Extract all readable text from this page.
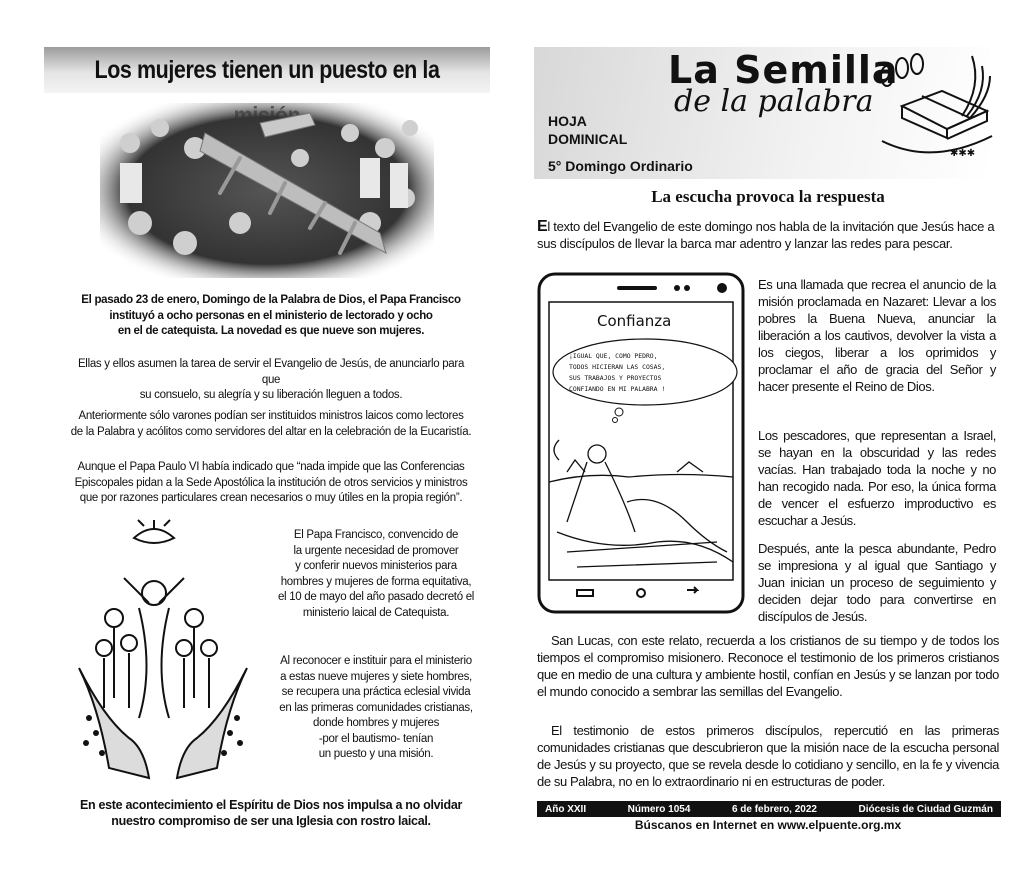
Los mujeres tienen un puesto en la
El pasado 23 de enero, Domingo de la Palabra de Dios, el Papa Francisco
instituyó a ocho personas en el ministerio de lectorado y ocho
en el de catequista. La novedad es que nueve son mujeres.
Ellas y ellos asumen la tarea de servir el Evangelio de Jesús, de anunciarlo para que
su consuelo, su alegría y su liberación lleguen a todos.
Anteriormente sólo varones podían ser instituidos ministros laicos como lectores
de la Palabra y acólitos como servidores del altar en la celebración de la Eucaristía.
Aunque el Papa Paulo VI había indicado que “nada impide que las Conferencias
Episcopales pidan a la Sede Apostólica la institución de otros servicios y ministros
que por razones particulares crean necesarios o muy útiles en la propia región”.
El Papa Francisco, convencido de
la urgente necesidad de promover
y conferir nuevos ministerios para
hombres y mujeres de forma equitativa,
el 10 de mayo del año pasado decretó el
ministerio laical de Catequista.
Al reconocer e instituir para el ministerio
a estas nueve mujeres y siete hombres,
se recupera una práctica eclesial vivida
en las primeras comunidades cristianas,
donde hombres y mujeres
-por el bautismo- tenían
un puesto y una misión.
En este acontecimiento el Espíritu de Dios nos impulsa a no olvidar
nuestro compromiso de ser una Iglesia con rostro laical.
La Semilla
de la palabra
HOJA
DOMINICAL
5° Domingo Ordinario
✱✱✱
La escucha provoca la respuesta

El texto del Evangelio de este domingo nos habla de la invitación que Jesús hace a sus discípulos de llevar la barca mar adentro y lanzar las redes para pescar.

Confianza
¡IGUAL QUE, COMO PEDRO, TODOS HICIERAN LAS COSAS, SUS TRABAJOS Y PROYECTOS CONFIANDO EN MI PALABRA !

Es una llamada que recrea el anuncio de la misión proclamada en Nazaret: Llevar a los pobres la Buena Nueva, anunciar la liberación a los cautivos, devolver la vista a los ciegos, liberar a los oprimidos y proclamar el año de gracia del Señor y hacer presente el Reino de Dios.

Los pescadores, que representan a Israel, se hayan en la obscuridad y las redes vacías. Han trabajado toda la noche y no han recogido nada. Por eso, la única forma de vencer el esfuerzo improductivo es escuchar a Jesús.

Después, ante la pesca abundante, Pedro se impresiona y al igual que Santiago y Juan inician un proceso de seguimiento y deciden dejar todo para convertirse en discípulos de Jesús.

San Lucas, con este relato, recuerda a los cristianos de su tiempo y de todos los tiempos el compromiso misionero. Reconoce el testimonio de los primeros cristianos que en medio de una cultura y ambiente hostil, confían en Jesús y se lanzan por todo el mundo conocido a sembrar las semillas del Evangelio.

El testimonio de estos primeros discípulos, repercutió en las primeras comunidades cristianas que descubrieron que la misión nace de la escucha personal de Jesús y su proyecto, que se revela desde lo cotidiano y sencillo, en la fe y vivencia de su Palabra, no en lo extraordinario ni en estructuras de poder.

Año XXII	Número 1054	6 de febrero, 2022	Diócesis de Ciudad Guzmán
Búscanos en Internet en www.elpuente.org.mx
